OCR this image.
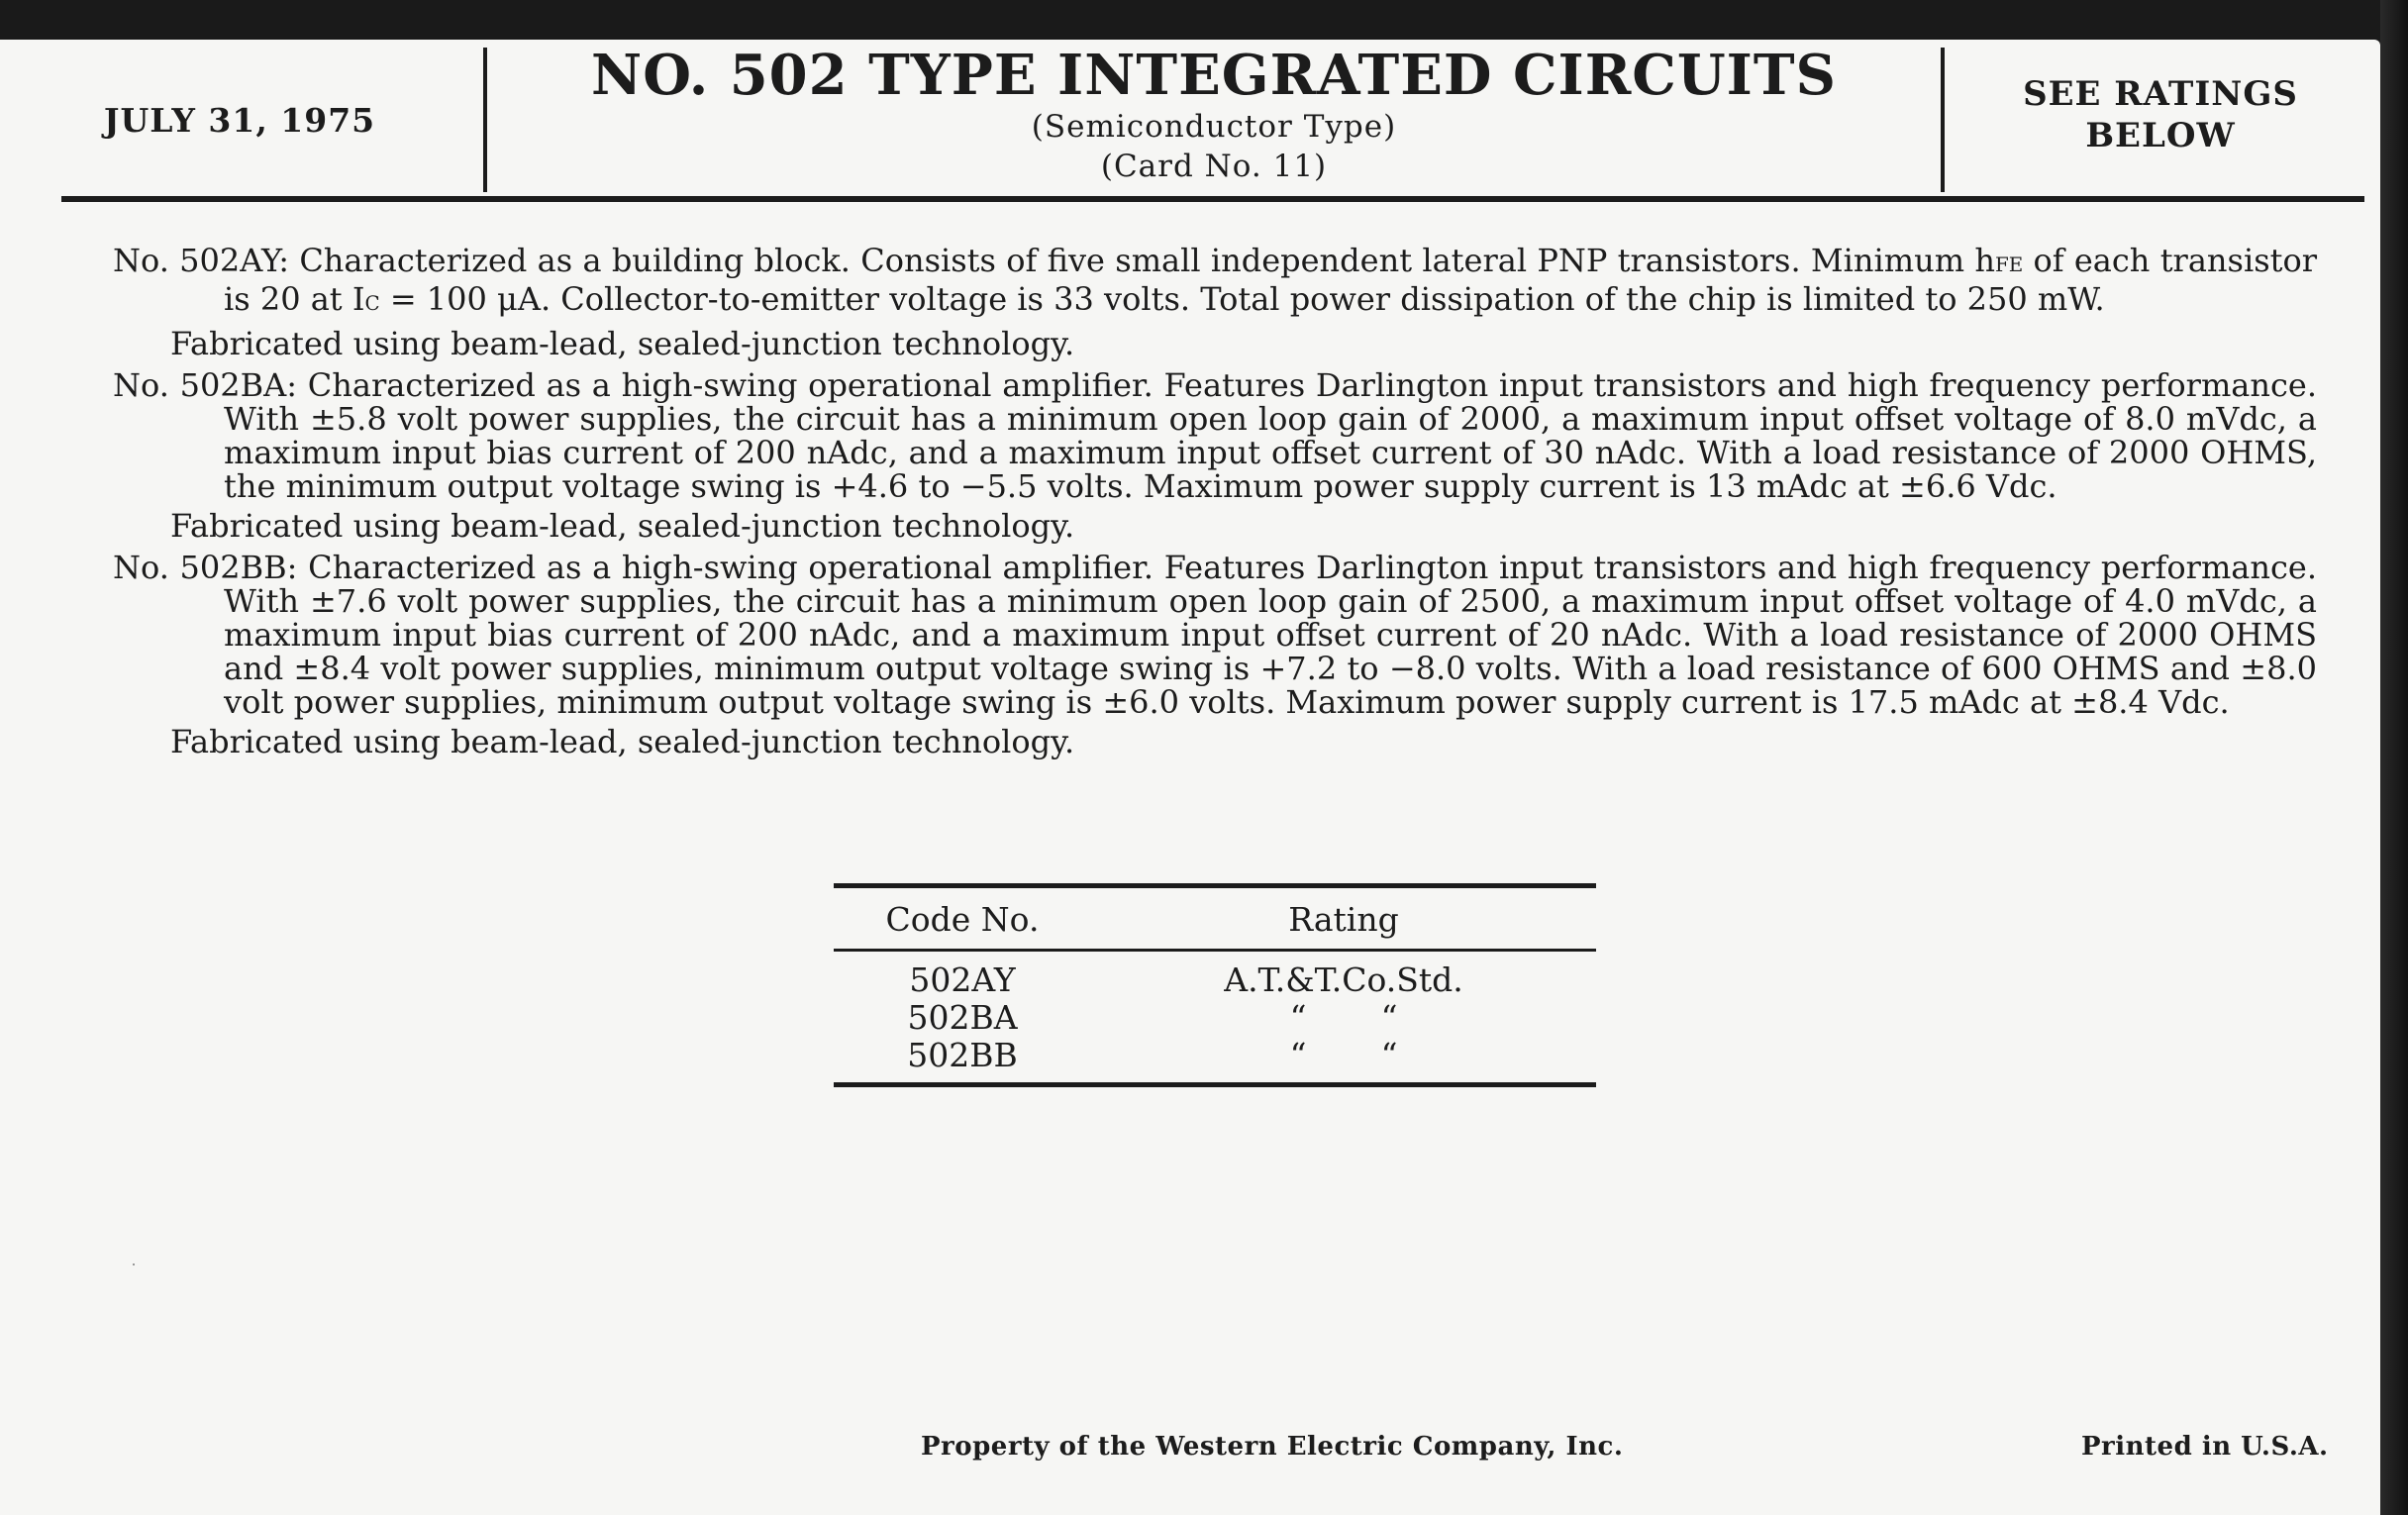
JULY 31, 1975
NO. 502 TYPE INTEGRATED CIRCUITS
(Semiconductor Type)
(Card No. 11)
SEE RATINGS
BELOW

No. 502AY: Characterized as a building block. Consists of five small independent lateral PNP transistors. Minimum hFE of each transistor is 20 at IC = 100 μA. Collector-to-emitter voltage is 33 volts. Total power dissipation of the chip is limited to 250 mW.

Fabricated using beam-lead, sealed-junction technology.

No. 502BA: Characterized as a high-swing operational amplifier. Features Darlington input transistors and high frequency performance. With ±5.8 volt power supplies, the circuit has a minimum open loop gain of 2000, a maximum input offset voltage of 8.0 mVdc, a maximum input bias current of 200 nAdc, and a maximum input offset current of 30 nAdc. With a load resistance of 2000 OHMS, the minimum output voltage swing is +4.6 to −5.5 volts. Maximum power supply current is 13 mAdc at ±6.6 Vdc.

Fabricated using beam-lead, sealed-junction technology.

No. 502BB: Characterized as a high-swing operational amplifier. Features Darlington input transistors and high frequency performance. With ±7.6 volt power supplies, the circuit has a minimum open loop gain of 2500, a maximum input offset voltage of 4.0 mVdc, a maximum input bias current of 200 nAdc, and a maximum input offset current of 20 nAdc. With a load resistance of 2000 OHMS and ±8.4 volt power supplies, minimum output voltage swing is +7.2 to −8.0 volts. With a load resistance of 600 OHMS and ±8.0 volt power supplies, minimum output voltage swing is ±6.0 volts. Maximum power supply current is 17.5 mAdc at ±8.4 Vdc.

Fabricated using beam-lead, sealed-junction technology.

Code No.	Rating
502AY	A.T.&T.Co.Std.
502BA	“ “
502BB	“ “
Property of the Western Electric Company, Inc.	Printed in U.S.A.
